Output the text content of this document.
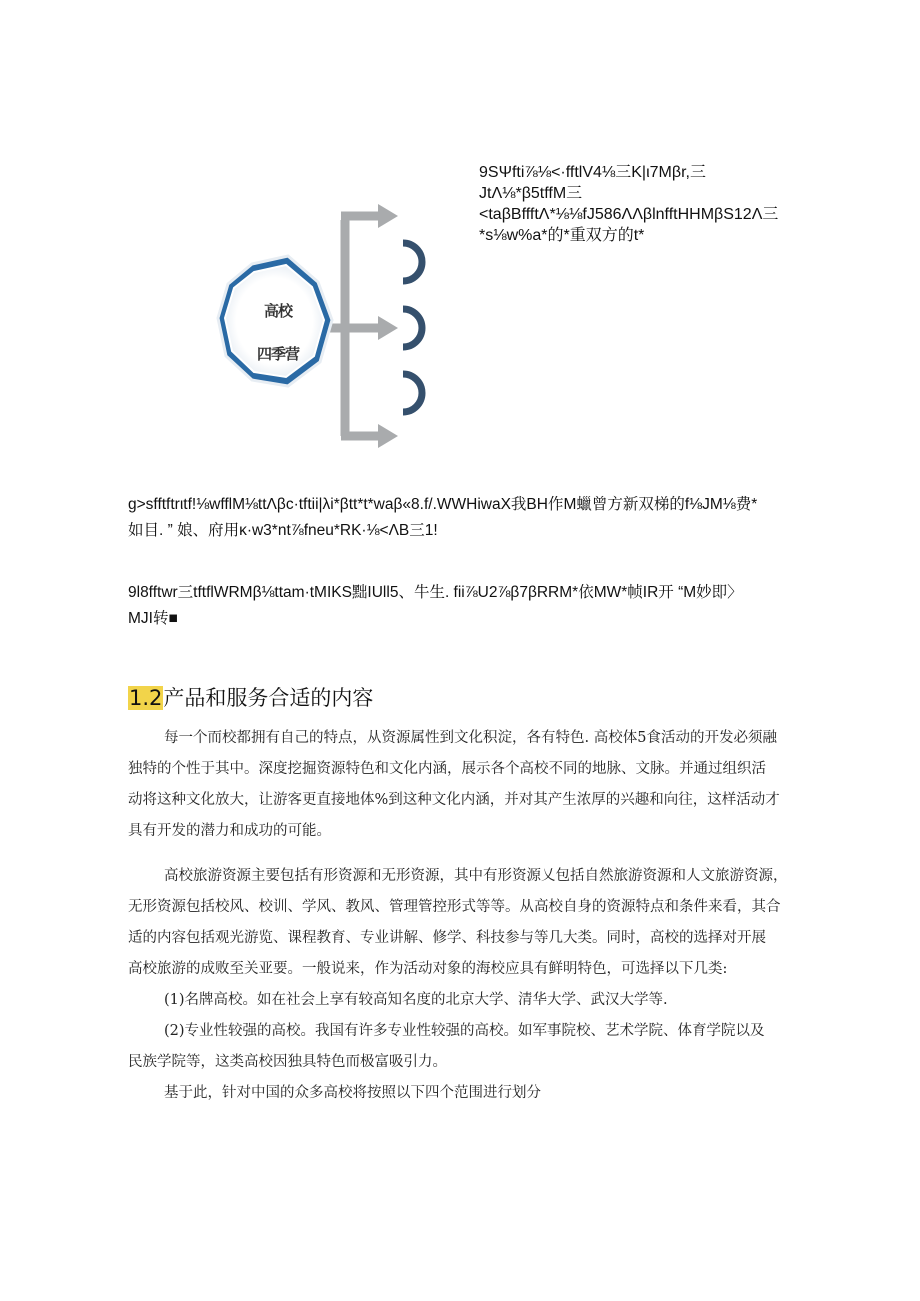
高校
四季营

9SΨfti⅞⅛<·fftlV4⅛三K|ι7Mβr,三

JtΛ⅛*β5tffM三

<taβBffftΛ*⅛⅛fJ586ΛΛβlnfftHHMβS12Λ三

*s⅛w%a*的*重双方的t*

g>sfftftrιtf!⅛wfflM⅛ttΛβc·tftii|λi*βtt*t*waβ«8.f/.WWHiwaX我BH作M蠟曾方新双梯的f⅛JM⅛费*

如目. ” 娘、府用κ·w3*nt⅞fneu*RK·⅛<ΛB三1!

9l8fftwr三tftflWRMβ⅛ttam·tMIKS黜IUll5、牛生. fii⅞U2⅞β7βRRM*依MW*帧IR开 “M妙即〉

MJI转■

1.2产品和服务合适的内容

每一个而校都拥有自己的特点，从资源属性到文化积淀，各有特色. 高校体5食活动的开发必须融

独特的个性于其中。深度挖掘资源特色和文化内涵，展示各个高校不同的地脉、文脉。并通过组织活

动将这种文化放大，让游客更直接地体%到这种文化内涵，并对其产生浓厚的兴趣和向往，这样活动才

具有开发的潜力和成功的可能。

高校旅游资源主要包括有形资源和无形资源，其中有形资源乂包括自然旅游资源和人文旅游资源，

无形资源包括校风、校训、学风、教风、管理管控形式等等。从高校自身的资源特点和条件来看，其合

适的内容包括观光游览、课程教育、专业讲解、修学、科技参与等几大类。同时，高校的选择对开展

高校旅游的成败至关亚要。一般说来，作为活动对象的海校应具有鲜明特色，可选择以下几类:

(1)名牌高校。如在社会上享有较高知名度的北京大学、清华大学、武汉大学等.

(2)专业性较强的高校。我国有许多专业性较强的高校。如军事院校、艺术学院、体育学院以及

民族学院等，这类高校因独具特色而极富吸引力。

基于此，针对中国的众多高校将按照以下四个范围进行划分
